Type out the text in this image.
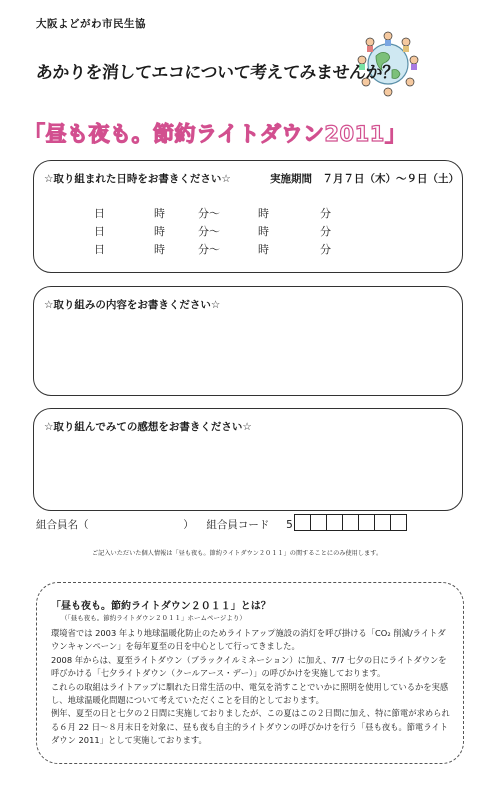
大阪よどがわ市民生協
あかりを消してエコについて考えてみませんか？
「昼も夜も。節約ライトダウン2011」
☆取り組まれた日時をお書きください☆	実施期間　７月７日（木）～９日（土）
日	時	分～	時	分
日	時	分～	時	分
日	時	分～	時	分
☆取り組みの内容をお書きください☆
☆取り組んでみての感想をお書きください☆
組合員名（	） 組合員コード 5
ご記入いただいた個人情報は「昼も夜も。節約ライトダウン２０１１」の関することにのみ使用します。
「昼も夜も。節約ライトダウン２０１１」とは？
（「昼も夜も。節約ライトダウン２０１１」ホームページより）

環境省では 2003 年より地球温暖化防止のためライトアップ施設の消灯を呼び掛ける「CO₂ 削減/ライトダウンキャンペーン」を毎年夏至の日を中心として行ってきました。

2008 年からは、夏至ライトダウン（ブラックイルミネーション）に加え、7/7 七夕の日にライトダウンを呼びかける「七夕ライトダウン（クールアース・デー）」の呼びかけを実施しております。

これらの取組はライトアップに馴れた日常生活の中、電気を消すことでいかに照明を使用しているかを実感し、地球温暖化問題について考えていただくことを目的としております。

例年、夏至の日と七夕の２日間に実施しておりましたが、この夏はこの２日間に加え、特に節電が求められる６月 22 日～８月末日を対象に、昼も夜も自主的ライトダウンの呼びかけを行う「昼も夜も。節電ライトダウン 2011」として実施しております。
